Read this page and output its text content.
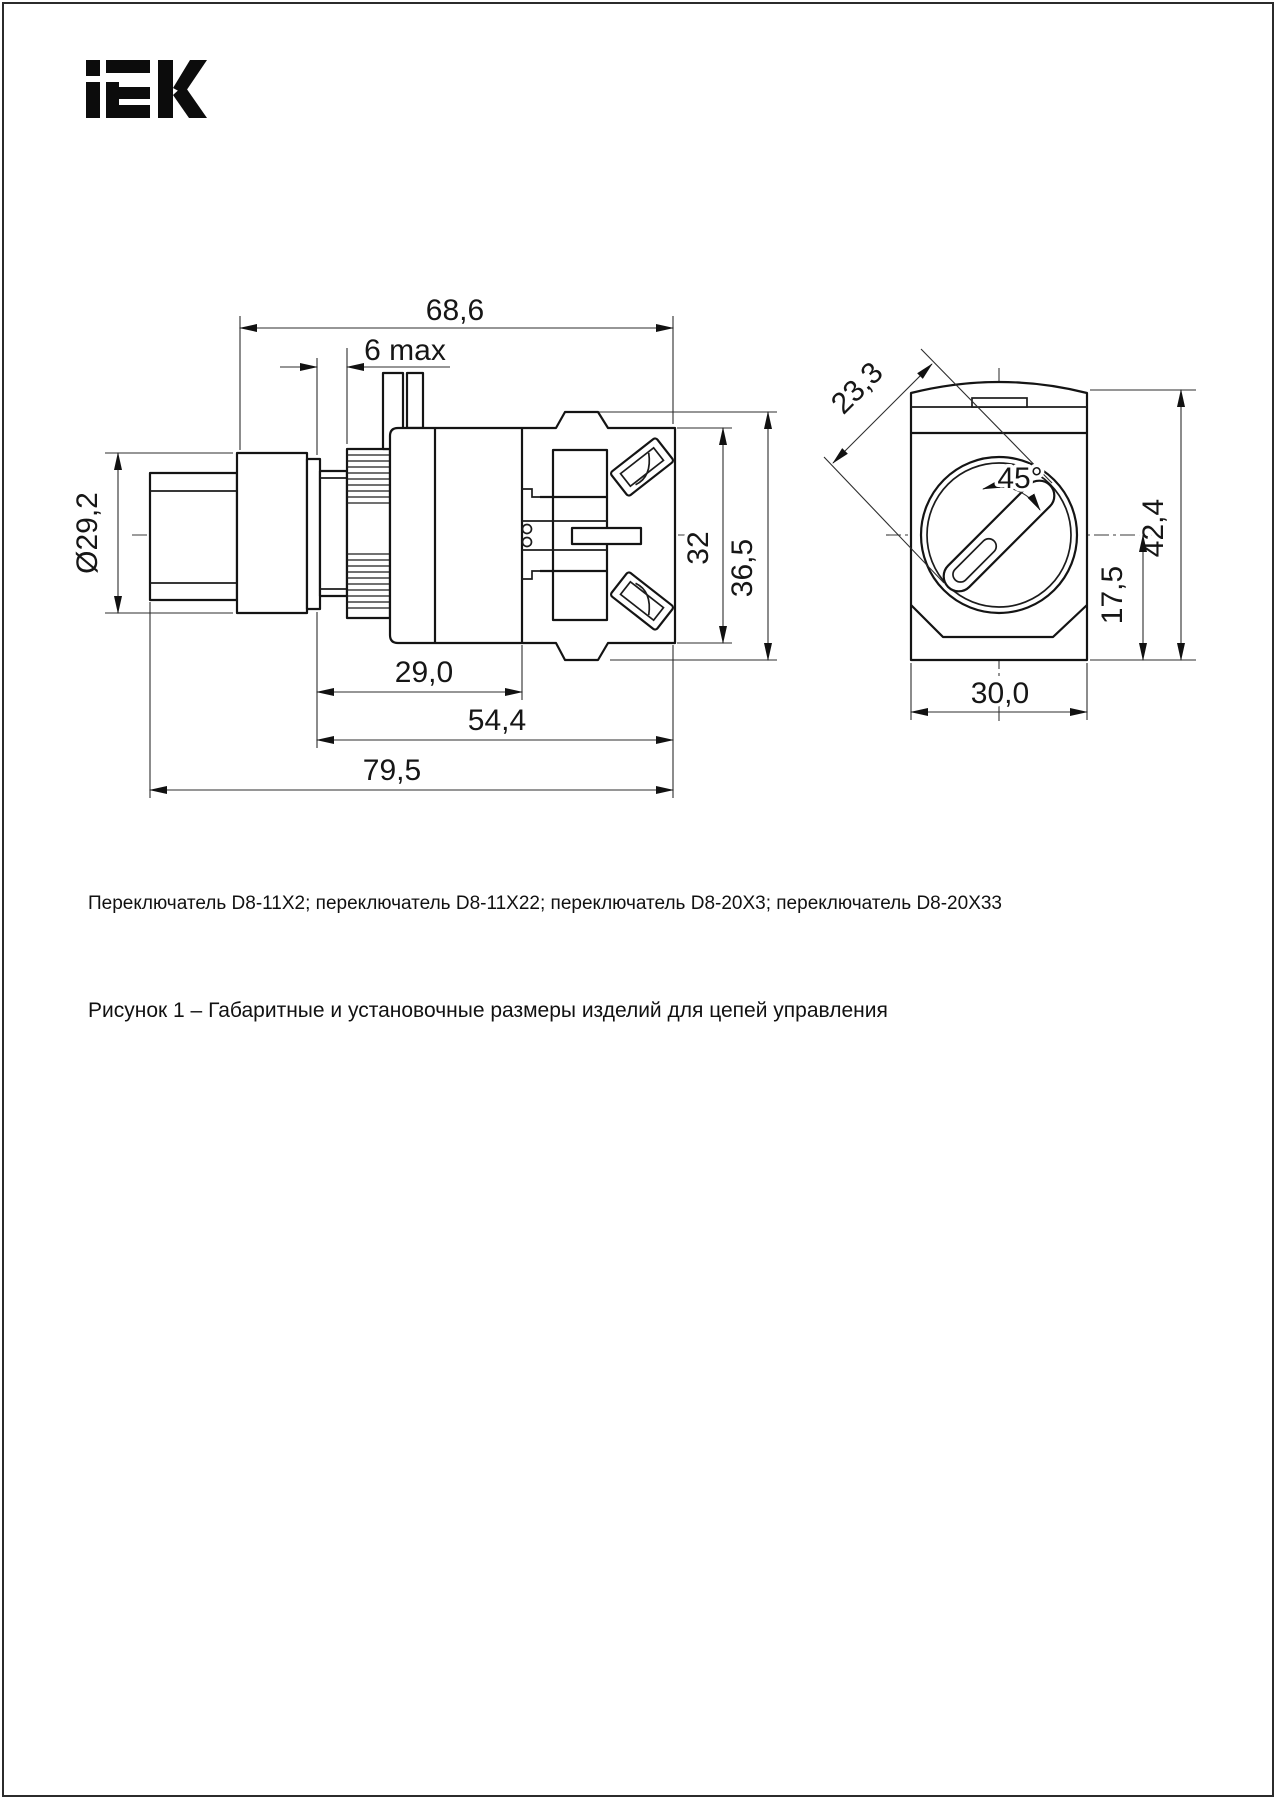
68,6
6 max
Ø29,2
29,0
54,4
79,5
32 36,5
23,3
45°
30,0
42,4
17,5
Переключатель D8-11X2; переключатель D8-11X22; переключатель D8-20X3; переключатель D8-20X33
Рисунок 1 – Габаритные и установочные размеры изделий для цепей управления
